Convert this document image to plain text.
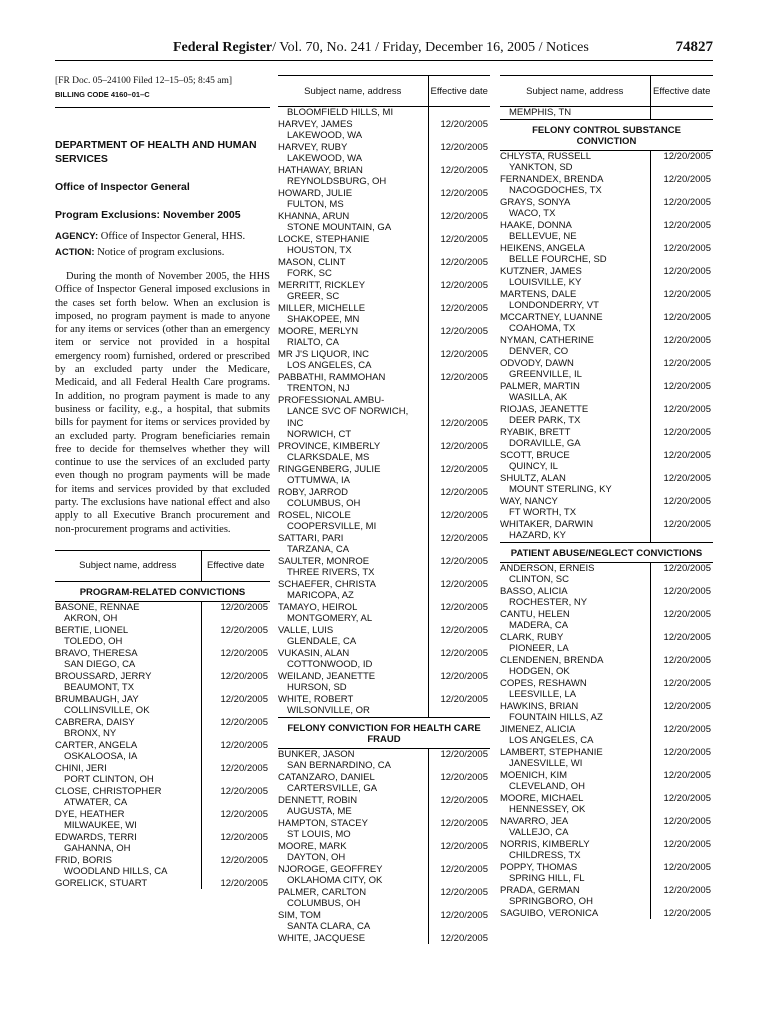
Federal Register/ Vol. 70, No. 241 / Friday, December 16, 2005 / Notices	74827
[FR Doc. 05–24100 Filed 12–15–05; 8:45 am]
BILLING CODE 4160–01–C
DEPARTMENT OF HEALTH AND HUMAN SERVICES
Office of Inspector General
Program Exclusions: November 2005
AGENCY: Office of Inspector General, HHS.
ACTION: Notice of program exclusions.
During the month of November 2005, the HHS Office of Inspector General imposed exclusions in the cases set forth below. When an exclusion is imposed, no program payment is made to anyone for any items or services (other than an emergency item or service not provided in a hospital emergency room) furnished, ordered or prescribed by an excluded party under the Medicare, Medicaid, and all Federal Health Care programs. In addition, no program payment is made to any business or facility, e.g., a hospital, that submits bills for payment for items or services provided by an excluded party. Program beneficiaries remain free to decide for themselves whether they will continue to use the services of an excluded party even though no program payments will be made for items and services provided by that excluded party. The exclusions have national effect and also apply to all Executive Branch procurement and non-procurement programs and activities.
Subject name, address	Effective date
PROGRAM-RELATED CONVICTIONS	

BASONE, RENNAE
AKRON, OH	12/20/2005

BERTIE, LIONEL
TOLEDO, OH	12/20/2005

BRAVO, THERESA
SAN DIEGO, CA	12/20/2005

BROUSSARD, JERRY
BEAUMONT, TX	12/20/2005

BRUMBAUGH, JAY
COLLINSVILLE, OK	12/20/2005

CABRERA, DAISY
BRONX, NY	12/20/2005

CARTER, ANGELA
OSKALOOSA, IA	12/20/2005

CHINI, JERI
PORT CLINTON, OH	12/20/2005

CLOSE, CHRISTOPHER
ATWATER, CA	12/20/2005

DYE, HEATHER
MILWAUKEE, WI	12/20/2005

EDWARDS, TERRI
GAHANNA, OH	12/20/2005

FRID, BORIS
WOODLAND HILLS, CA	12/20/2005

GORELICK, STUART	12/20/2005
Subject name, address	Effective date

BLOOMFIELD HILLS, MI	

HARVEY, JAMES
LAKEWOOD, WA	12/20/2005

HARVEY, RUBY
LAKEWOOD, WA	12/20/2005

HATHAWAY, BRIAN
REYNOLDSBURG, OH	12/20/2005

HOWARD, JULIE
FULTON, MS	12/20/2005

KHANNA, ARUN
STONE MOUNTAIN, GA	12/20/2005

LOCKE, STEPHANIE
HOUSTON, TX	12/20/2005

MASON, CLINT
FORK, SC	12/20/2005

MERRITT, RICKLEY
GREER, SC	12/20/2005

MILLER, MICHELLE
SHAKOPEE, MN	12/20/2005

MOORE, MERLYN
RIALTO, CA	12/20/2005

MR J'S LIQUOR, INC
LOS ANGELES, CA	12/20/2005

PABBATHI, RAMMOHAN
TRENTON, NJ	12/20/2005

PROFESSIONAL AMBU-	

LANCE SVC OF NORWICH,	

INC
NORWICH, CT	12/20/2005

PROVINCE, KIMBERLY
CLARKSDALE, MS	12/20/2005

RINGGENBERG, JULIE
OTTUMWA, IA	12/20/2005

ROBY, JARROD
COLUMBUS, OH	12/20/2005

ROSEL, NICOLE
COOPERSVILLE, MI	12/20/2005

SATTARI, PARI
TARZANA, CA	12/20/2005

SAULTER, MONROE
THREE RIVERS, TX	12/20/2005

SCHAEFER, CHRISTA
MARICOPA, AZ	12/20/2005

TAMAYO, HEIROL
MONTGOMERY, AL	12/20/2005

VALLE, LUIS
GLENDALE, CA	12/20/2005

VUKASIN, ALAN
COTTONWOOD, ID	12/20/2005

WEILAND, JEANETTE
HURSON, SD	12/20/2005

WHITE, ROBERT
WILSONVILLE, OR	12/20/2005
FELONY CONVICTION FOR HEALTH CARE FRAUD	

BUNKER, JASON
SAN BERNARDINO, CA	12/20/2005

CATANZARO, DANIEL
CARTERSVILLE, GA	12/20/2005

DENNETT, ROBIN
AUGUSTA, ME	12/20/2005

HAMPTON, STACEY
ST LOUIS, MO	12/20/2005

MOORE, MARK
DAYTON, OH	12/20/2005

NJOROGE, GEOFFREY
OKLAHOMA CITY, OK	12/20/2005

PALMER, CARLTON
COLUMBUS, OH	12/20/2005

SIM, TOM
SANTA CLARA, CA	12/20/2005

WHITE, JACQUESE	12/20/2005
Subject name, address	Effective date

MEMPHIS, TN	

FELONY CONTROL SUBSTANCE CONVICTION	

CHLYSTA, RUSSELL
YANKTON, SD	12/20/2005

FERNANDEX, BRENDA
NACOGDOCHES, TX	12/20/2005

GRAYS, SONYA
WACO, TX	12/20/2005

HAAKE, DONNA
BELLEVUE, NE	12/20/2005

HEIKENS, ANGELA
BELLE FOURCHE, SD	12/20/2005

KUTZNER, JAMES
LOUISVILLE, KY	12/20/2005

MARTENS, DALE
LONDONDERRY, VT	12/20/2005

MCCARTNEY, LUANNE
COAHOMA, TX	12/20/2005

NYMAN, CATHERINE
DENVER, CO	12/20/2005

ODVODY, DAWN
GREENVILLE, IL	12/20/2005

PALMER, MARTIN
WASILLA, AK	12/20/2005

RIOJAS, JEANETTE
DEER PARK, TX	12/20/2005

RYABIK, BRETT
DORAVILLE, GA	12/20/2005

SCOTT, BRUCE
QUINCY, IL	12/20/2005

SHULTZ, ALAN
MOUNT STERLING, KY	12/20/2005

WAY, NANCY
FT WORTH, TX	12/20/2005

WHITAKER, DARWIN
HAZARD, KY	12/20/2005
PATIENT ABUSE/NEGLECT CONVICTIONS	

ANDERSON, ERNEIS
CLINTON, SC	12/20/2005

BASSO, ALICIA
ROCHESTER, NY	12/20/2005

CANTU, HELEN
MADERA, CA	12/20/2005

CLARK, RUBY
PIONEER, LA	12/20/2005

CLENDENEN, BRENDA
HODGEN, OK	12/20/2005

COPES, RESHAWN
LEESVILLE, LA	12/20/2005

HAWKINS, BRIAN
FOUNTAIN HILLS, AZ	12/20/2005

JIMENEZ, ALICIA
LOS ANGELES, CA	12/20/2005

LAMBERT, STEPHANIE
JANESVILLE, WI	12/20/2005

MOENICH, KIM
CLEVELAND, OH	12/20/2005

MOORE, MICHAEL
HENNESSEY, OK	12/20/2005

NAVARRO, JEA
VALLEJO, CA	12/20/2005

NORRIS, KIMBERLY
CHILDRESS, TX	12/20/2005

POPPY, THOMAS
SPRING HILL, FL	12/20/2005

PRADA, GERMAN
SPRINGBORO, OH	12/20/2005

SAGUIBO, VERONICA	12/20/2005
